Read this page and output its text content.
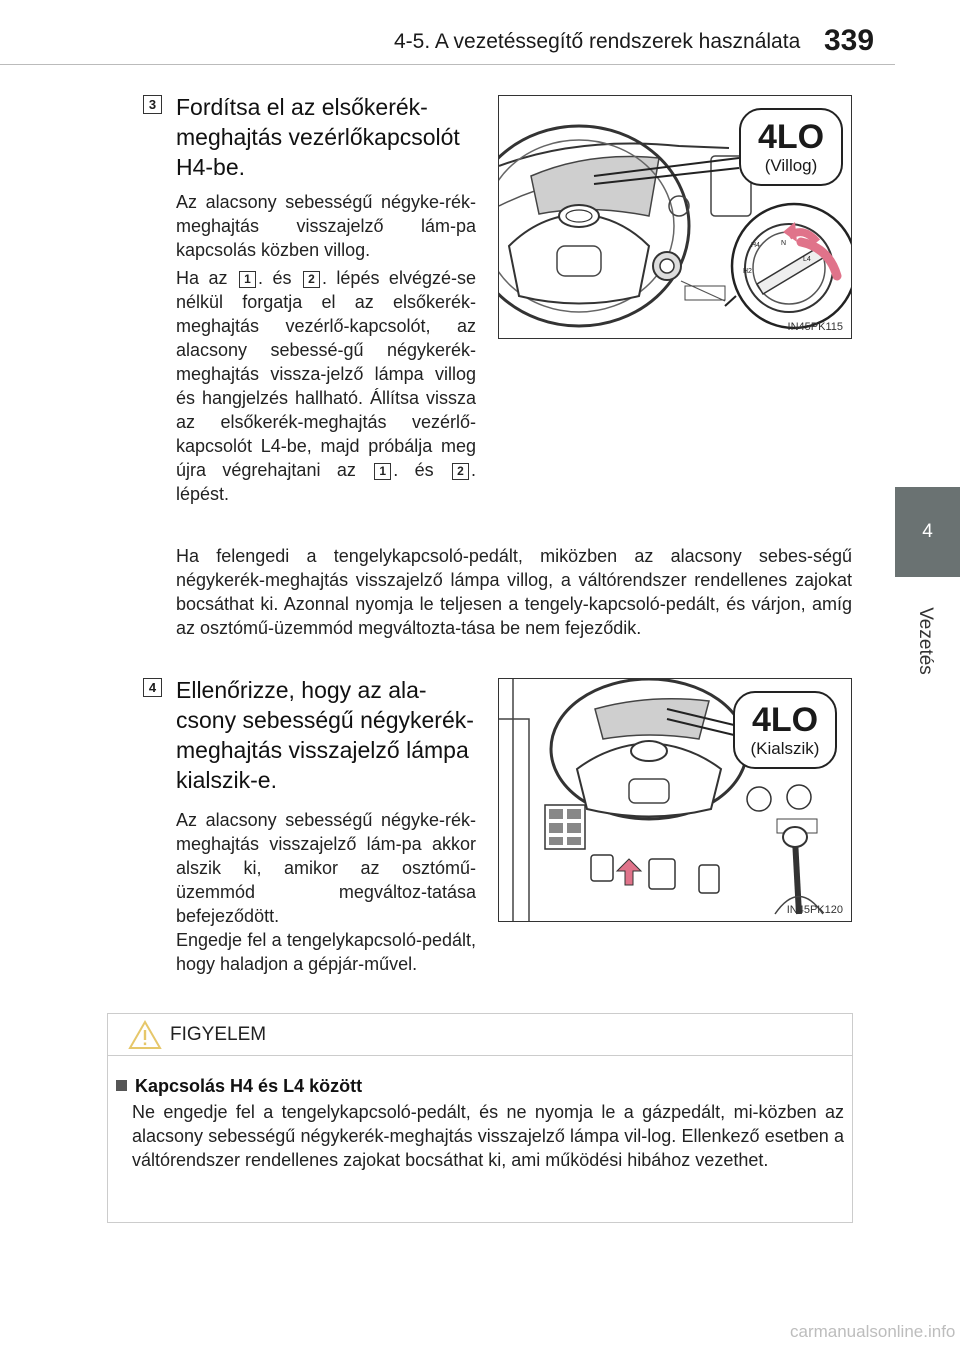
4-5. A vezetéssegítő rendszerek használata 339
4
Vezetés
3 Fordítsa el az elsőkerék-meghajtás vezérlőkapcsolót H4-be.
Az alacsony sebességű négyke-rék-meghajtás visszajelző lám-pa kapcsolás közben villog.
Ha az 1 . és 2 . lépés elvégzé-se nélkül forgatja el az elsőkerék-meghajtás vezérlő-kapcsolót, az alacsony sebessé-gű négykerék-meghajtás vissza-jelző lámpa villog és hangjelzés hallható. Állítsa vissza az elsőkerék-meghajtás vezérlő-kapcsolót L4-be, majd próbálja meg újra végrehajtani az 1 . és 2 . lépést.
Ha felengedi a tengelykapcsoló-pedált, miközben az alacsony sebes-ségű négykerék-meghajtás visszajelző lámpa villog, a váltórendszer rendellenes zajokat bocsáthat ki. Azonnal nyomja le teljesen a tengely-kapcsoló-pedált, és várjon, amíg az osztómű-üzemmód megváltozta-tása be nem fejeződik.
H4	N
L4
H2
4LO
(Villog)
IN45PK115
4 Ellenőrizze, hogy az ala-csony sebességű négykerék-meghajtás visszajelző lámpa kialszik-e.
Az alacsony sebességű négyke-rék-meghajtás visszajelző lám-pa akkor alszik ki, amikor az osztómű-üzemmód megváltoz-tatása befejeződött.
Engedje fel a tengelykapcsoló-pedált, hogy haladjon a gépjár-művel.
4LO
(Kialszik)
IN45PK120
FIGYELEM
Kapcsolás H4 és L4 között
Ne engedje fel a tengelykapcsoló-pedált, és ne nyomja le a gázpedált, mi-közben az alacsony sebességű négykerék-meghajtás visszajelző lámpa vil-log. Ellenkező esetben a váltórendszer rendellenes zajokat bocsáthat ki, ami működési hibához vezethet.
carmanualsonline.info
